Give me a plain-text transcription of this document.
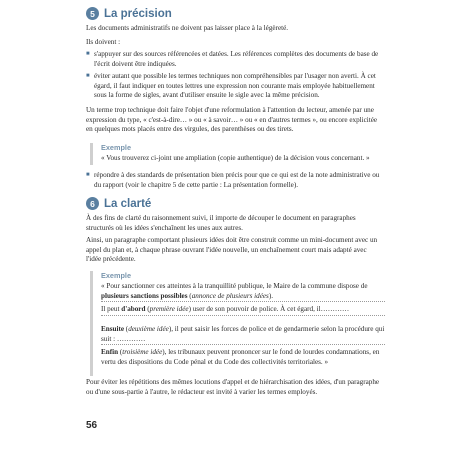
5 La précision
Les documents administratifs ne doivent pas laisser place à la légèreté.
Ils doivent :
■ s'appuyer sur des sources référencées et datées. Les références complètes des documents de base de l'écrit doivent être indiquées.
■ éviter autant que possible les termes techniques non compréhensibles par l'usager non averti. À cet égard, il faut indiquer en toutes lettres une expression non courante mais employée habituellement sous la forme de sigles, avant d'utiliser ensuite le sigle avec la même précision.
Un terme trop technique doit faire l'objet d'une reformulation à l'attention du lecteur, amenée par une expression du type, « c'est-à-dire… » ou « à savoir… » ou « en d'autres termes », ou encore explicitée en quelques mots placés entre des virgules, des parenthèses ou des tirets.
Exemple
« Vous trouverez ci-joint une ampliation (copie authentique) de la décision vous concernant. »
■ répondre à des standards de présentation bien précis pour que ce qui est de la note administrative ou du rapport (voir le chapitre 5 de cette partie : La présentation formelle).
6 La clarté
À des fins de clarté du raisonnement suivi, il importe de découper le document en paragraphes structurés où les idées s'enchaînent les unes aux autres.
Ainsi, un paragraphe comportant plusieurs idées doit être construit comme un mini-document avec un appel du plan et, à chaque phrase ouvrant l'idée nouvelle, un enchaînement court mais adapté avec l'idée précédente.
Exemple
« Pour sanctionner ces atteintes à la tranquillité publique, le Maire de la commune dispose de plusieurs sanctions possibles (annonce de plusieurs idées).
Il peut d'abord (première idée) user de son pouvoir de police. À cet égard, il…………
Ensuite (deuxième idée), il peut saisir les forces de police et de gendarmerie selon la procédure qui suit : …………
Enfin (troisième idée), les tribunaux peuvent prononcer sur le fond de lourdes condamnations, en vertu des dispositions du Code pénal et du Code des collectivités territoriales. »
Pour éviter les répétitions des mêmes locutions d'appel et de hiérarchisation des idées, d'un paragraphe ou d'une sous-partie à l'autre, le rédacteur est invité à varier les termes employés.
56
